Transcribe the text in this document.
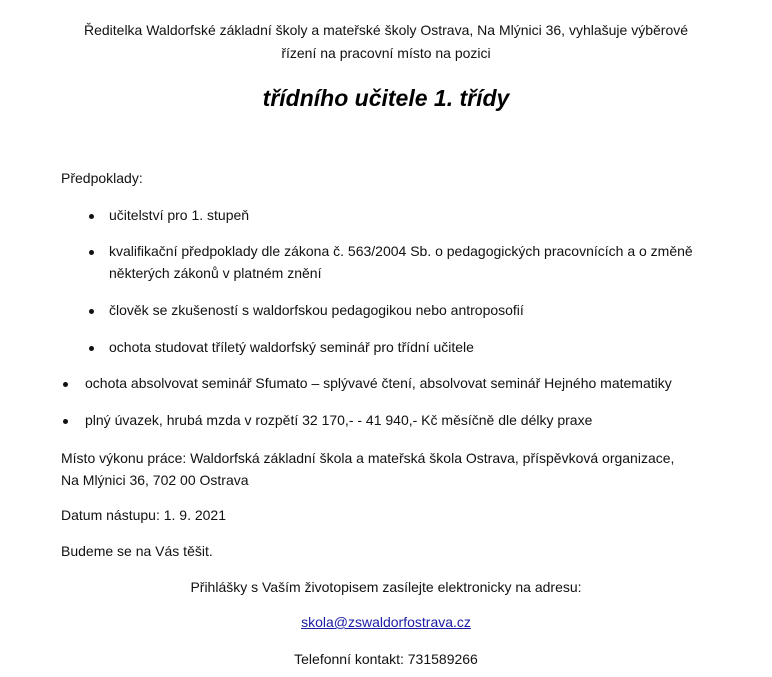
Ředitelka Waldorfské základní školy a mateřské školy Ostrava, Na Mlýnici 36, vyhlašuje výběrové

řízení na pracovní místo na pozici

třídního učitele 1. třídy

Předpoklady:

učitelství pro 1. stupeň
kvalifikační předpoklady dle zákona č. 563/2004 Sb. o pedagogických pracovnících a o změně
některých zákonů v platném znění
člověk se zkušeností s waldorfskou pedagogikou nebo antroposofií
ochota studovat tříletý waldorfský seminář pro třídní učitele
ochota absolvovat seminář Sfumato – splývavé čtení, absolvovat seminář Hejného matematiky
plný úvazek, hrubá mzda v rozpětí 32 170,- - 41 940,- Kč měsíčně dle délky praxe
Místo výkonu práce: Waldorfská základní škola a mateřská škola Ostrava, příspěvková organizace,
Na Mlýnici 36, 702 00 Ostrava

Datum nástupu: 1. 9. 2021

Budeme se na Vás těšit.

Přihlášky s Vaším životopisem zasílejte elektronicky na adresu:

skola@zswaldorfostrava.cz

Telefonní kontakt: 731589266
